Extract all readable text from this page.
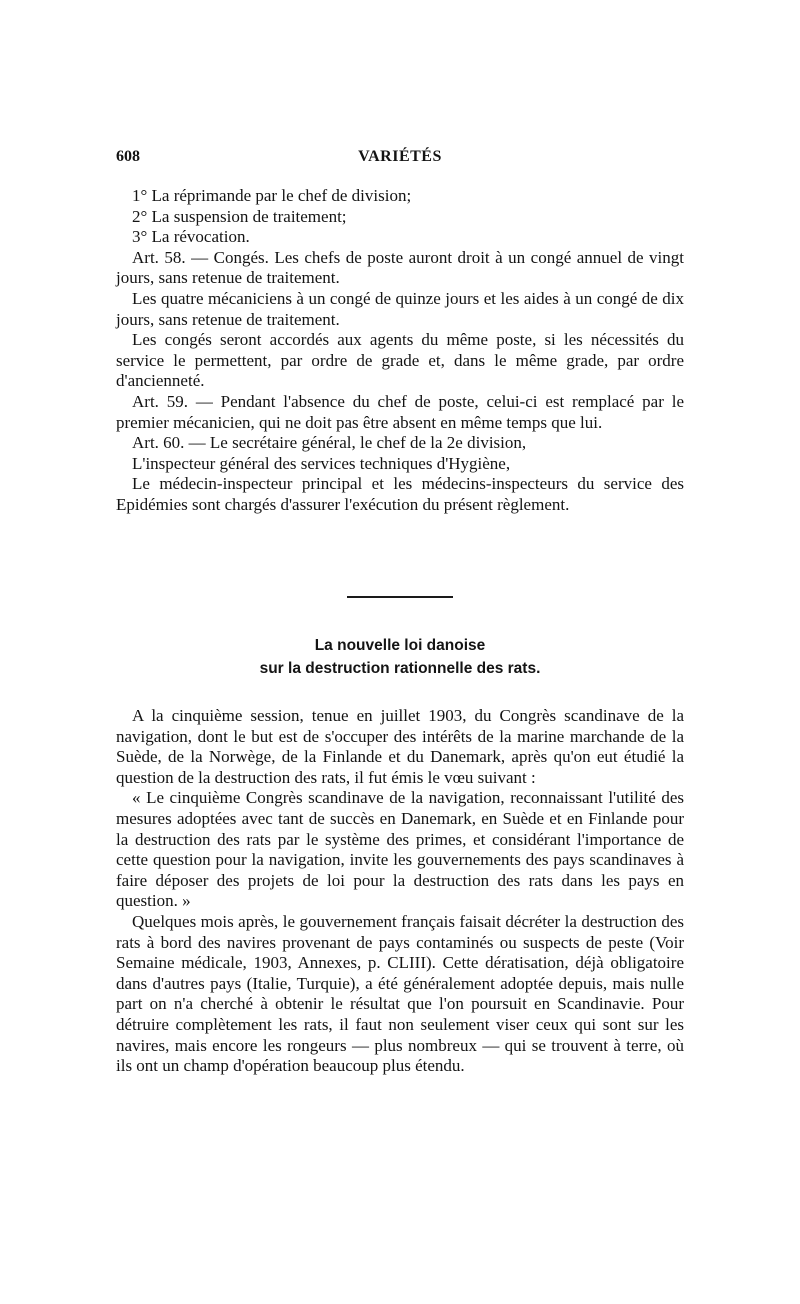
608	VARIÉTÉS

1° La réprimande par le chef de division;

2° La suspension de traitement;

3° La révocation.

Art. 58. — Congés. Les chefs de poste auront droit à un congé annuel de vingt jours, sans retenue de traitement.

Les quatre mécaniciens à un congé de quinze jours et les aides à un congé de dix jours, sans retenue de traitement.

Les congés seront accordés aux agents du même poste, si les nécessités du service le permettent, par ordre de grade et, dans le même grade, par ordre d'ancienneté.

Art. 59. — Pendant l'absence du chef de poste, celui-ci est remplacé par le premier mécanicien, qui ne doit pas être absent en même temps que lui.

Art. 60. — Le secrétaire général, le chef de la 2e division,

L'inspecteur général des services techniques d'Hygiène,

Le médecin-inspecteur principal et les médecins-inspecteurs du service des Epidémies sont chargés d'assurer l'exécution du présent règlement.

La nouvelle loi danoise
sur la destruction rationnelle des rats.

A la cinquième session, tenue en juillet 1903, du Congrès scandinave de la navigation, dont le but est de s'occuper des intérêts de la marine marchande de la Suède, de la Norwège, de la Finlande et du Danemark, après qu'on eut étudié la question de la destruction des rats, il fut émis le vœu suivant :

« Le cinquième Congrès scandinave de la navigation, reconnaissant l'utilité des mesures adoptées avec tant de succès en Danemark, en Suède et en Finlande pour la destruction des rats par le système des primes, et considérant l'importance de cette question pour la navigation, invite les gouvernements des pays scandinaves à faire déposer des projets de loi pour la destruction des rats dans les pays en question. »

Quelques mois après, le gouvernement français faisait décréter la destruction des rats à bord des navires provenant de pays contaminés ou suspects de peste (Voir Semaine médicale, 1903, Annexes, p. CLIII). Cette dératisation, déjà obligatoire dans d'autres pays (Italie, Turquie), a été généralement adoptée depuis, mais nulle part on n'a cherché à obtenir le résultat que l'on poursuit en Scandinavie. Pour détruire complètement les rats, il faut non seulement viser ceux qui sont sur les navires, mais encore les rongeurs — plus nombreux — qui se trouvent à terre, où ils ont un champ d'opération beaucoup plus étendu.
